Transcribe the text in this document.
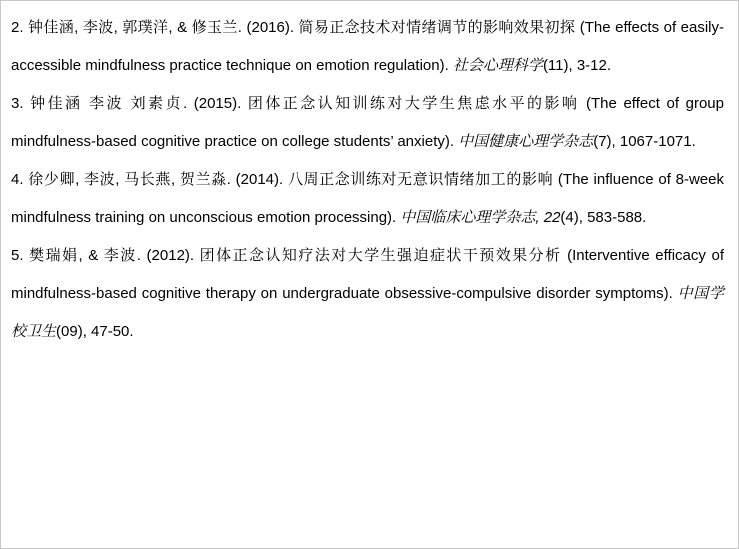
2. 钟佳涵, 李波, 郭璞洋, & 修玉兰. (2016). 简易正念技术对情绪调节的影响效果初探 (The effects of easily-accessible mindfulness practice technique on emotion regulation). 社会心理科学(11), 3-12.

3. 钟佳涵 李波 刘素贞. (2015). 团体正念认知训练对大学生焦虑水平的影响 (The effect of group mindfulness-based cognitive practice on college students’ anxiety). 中国健康心理学杂志(7), 1067-1071.

4. 徐少卿, 李波, 马长燕, 贺兰淼. (2014). 八周正念训练对无意识情绪加工的影响 (The influence of 8-week mindfulness training on unconscious emotion processing). 中国临床心理学杂志, 22(4), 583-588.

5. 樊瑞娟, & 李波. (2012). 团体正念认知疗法对大学生强迫症状干预效果分析 (Interventive efficacy of mindfulness-based cognitive therapy on undergraduate obsessive-compulsive disorder symptoms). 中国学校卫生(09), 47-50.
